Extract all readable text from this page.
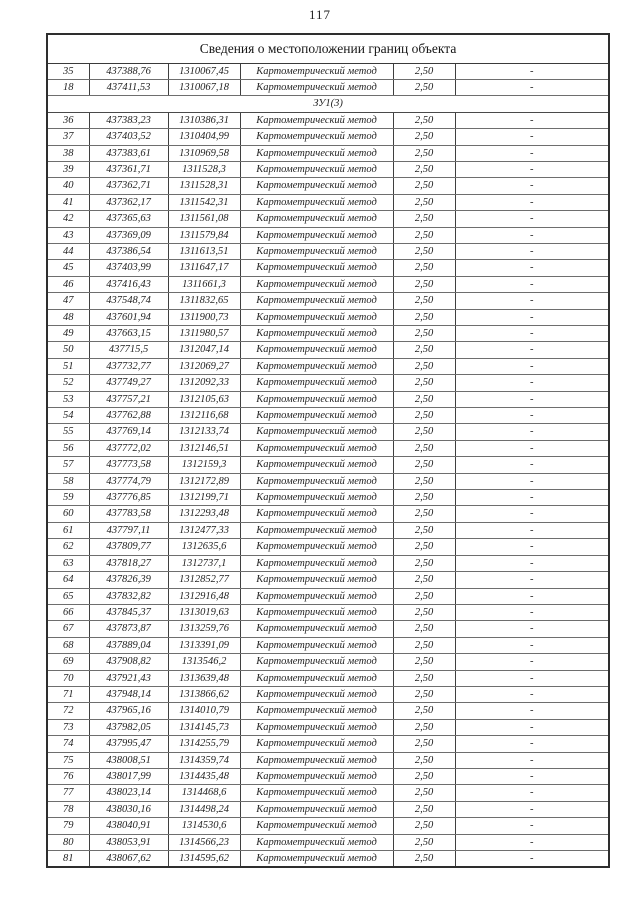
117
Сведения о местоположении границ объекта					
35	437388,76	1310067,45	Картометрический метод	2,50	-
18	437411,53	1310067,18	Картометрический метод	2,50	-
ЗУ1(3)					
36	437383,23	1310386,31	Картометрический метод	2,50	-
37	437403,52	1310404,99	Картометрический метод	2,50	-
38	437383,61	1310969,58	Картометрический метод	2,50	-
39	437361,71	1311528,3	Картометрический метод	2,50	-
40	437362,71	1311528,31	Картометрический метод	2,50	-
41	437362,17	1311542,31	Картометрический метод	2,50	-
42	437365,63	1311561,08	Картометрический метод	2,50	-
43	437369,09	1311579,84	Картометрический метод	2,50	-
44	437386,54	1311613,51	Картометрический метод	2,50	-
45	437403,99	1311647,17	Картометрический метод	2,50	-
46	437416,43	1311661,3	Картометрический метод	2,50	-
47	437548,74	1311832,65	Картометрический метод	2,50	-
48	437601,94	1311900,73	Картометрический метод	2,50	-
49	437663,15	1311980,57	Картометрический метод	2,50	-
50	437715,5	1312047,14	Картометрический метод	2,50	-
51	437732,77	1312069,27	Картометрический метод	2,50	-
52	437749,27	1312092,33	Картометрический метод	2,50	-
53	437757,21	1312105,63	Картометрический метод	2,50	-
54	437762,88	1312116,68	Картометрический метод	2,50	-
55	437769,14	1312133,74	Картометрический метод	2,50	-
56	437772,02	1312146,51	Картометрический метод	2,50	-
57	437773,58	1312159,3	Картометрический метод	2,50	-
58	437774,79	1312172,89	Картометрический метод	2,50	-
59	437776,85	1312199,71	Картометрический метод	2,50	-
60	437783,58	1312293,48	Картометрический метод	2,50	-
61	437797,11	1312477,33	Картометрический метод	2,50	-
62	437809,77	1312635,6	Картометрический метод	2,50	-
63	437818,27	1312737,1	Картометрический метод	2,50	-
64	437826,39	1312852,77	Картометрический метод	2,50	-
65	437832,82	1312916,48	Картометрический метод	2,50	-
66	437845,37	1313019,63	Картометрический метод	2,50	-
67	437873,87	1313259,76	Картометрический метод	2,50	-
68	437889,04	1313391,09	Картометрический метод	2,50	-
69	437908,82	1313546,2	Картометрический метод	2,50	-
70	437921,43	1313639,48	Картометрический метод	2,50	-
71	437948,14	1313866,62	Картометрический метод	2,50	-
72	437965,16	1314010,79	Картометрический метод	2,50	-
73	437982,05	1314145,73	Картометрический метод	2,50	-
74	437995,47	1314255,79	Картометрический метод	2,50	-
75	438008,51	1314359,74	Картометрический метод	2,50	-
76	438017,99	1314435,48	Картометрический метод	2,50	-
77	438023,14	1314468,6	Картометрический метод	2,50	-
78	438030,16	1314498,24	Картометрический метод	2,50	-
79	438040,91	1314530,6	Картометрический метод	2,50	-
80	438053,91	1314566,23	Картометрический метод	2,50	-
81	438067,62	1314595,62	Картометрический метод	2,50	-
